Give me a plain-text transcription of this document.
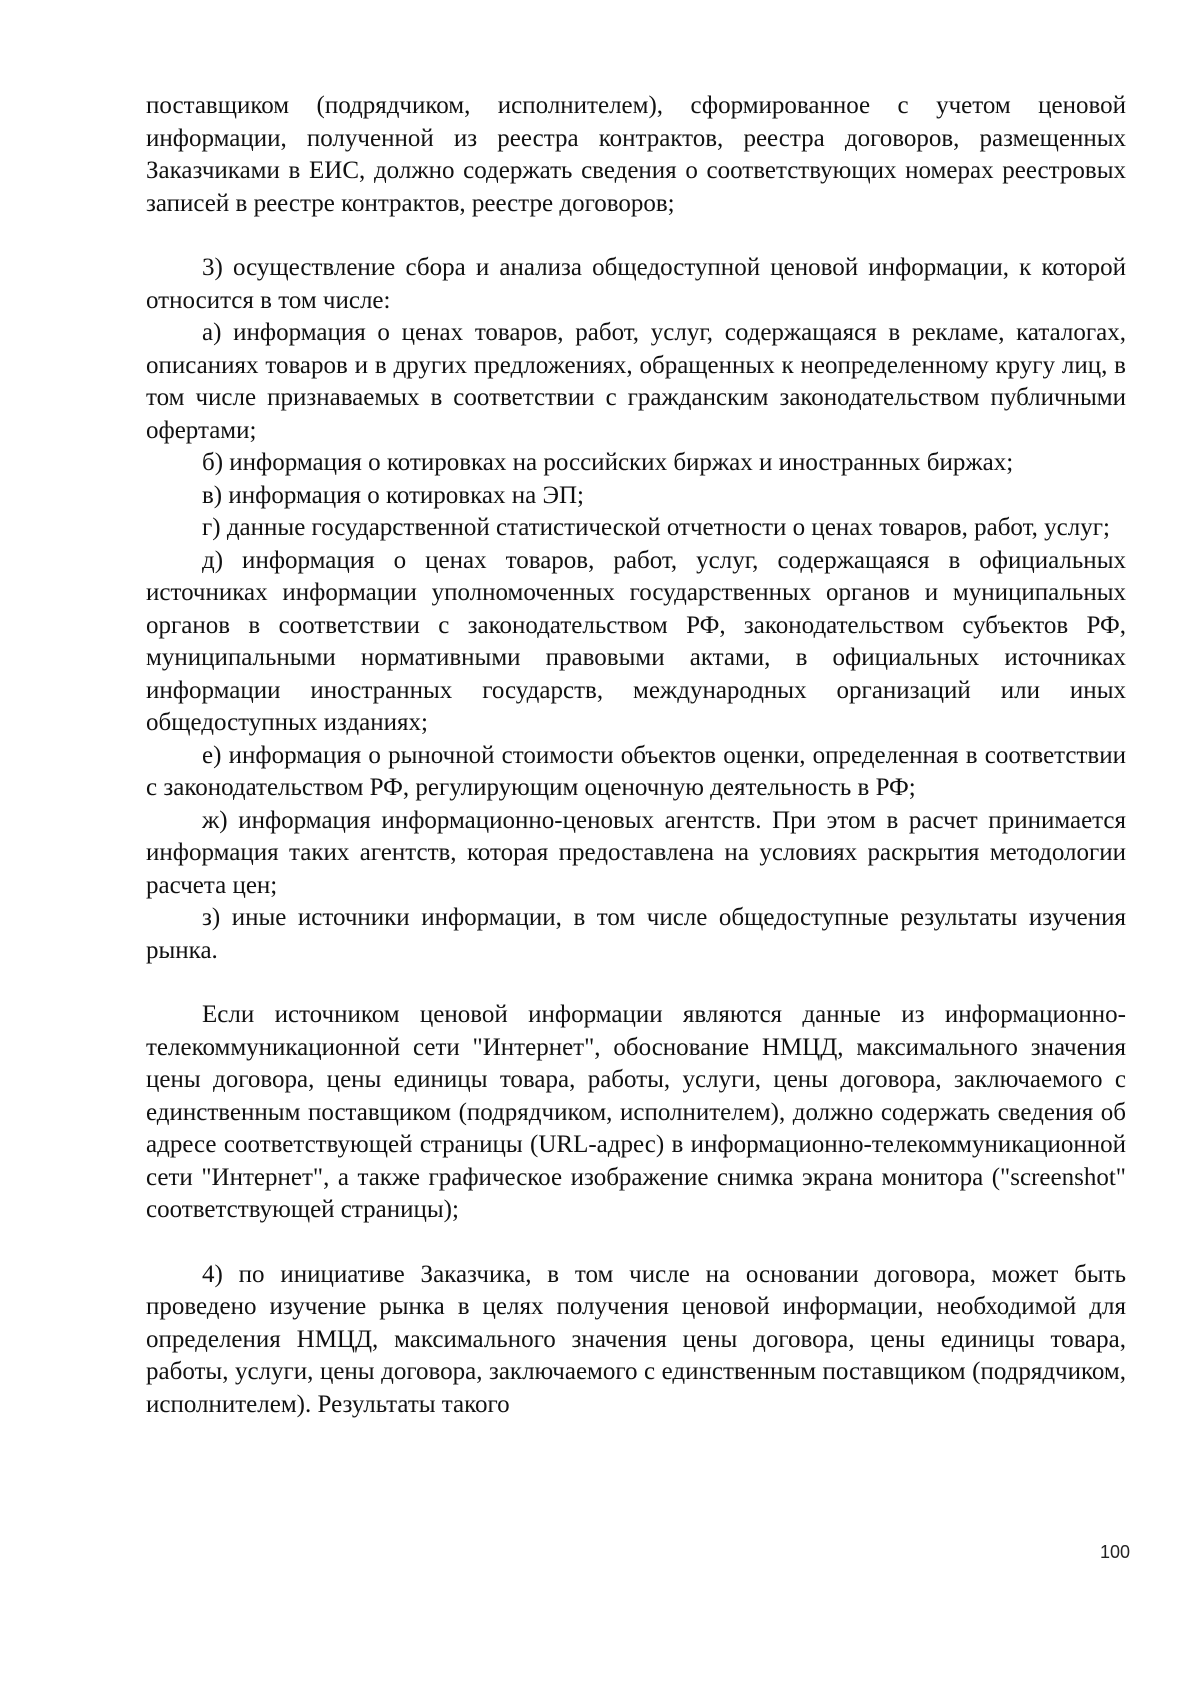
поставщиком (подрядчиком, исполнителем), сформированное с учетом ценовой информации, полученной из реестра контрактов, реестра договоров, размещенных Заказчиками в ЕИС, должно содержать сведения о соответствующих номерах реестровых записей в реестре контрактов, реестре договоров;

3) осуществление сбора и анализа общедоступной ценовой информации, к которой относится в том числе:

а) информация о ценах товаров, работ, услуг, содержащаяся в рекламе, каталогах, описаниях товаров и в других предложениях, обращенных к неопределенному кругу лиц, в том числе признаваемых в соответствии с гражданским законодательством публичными офертами;

б) информация о котировках на российских биржах и иностранных биржах;

в) информация о котировках на ЭП;

г) данные государственной статистической отчетности о ценах товаров, работ, услуг;

д) информация о ценах товаров, работ, услуг, содержащаяся в официальных источниках информации уполномоченных государственных органов и муниципальных органов в соответствии с законодательством РФ, законодательством субъектов РФ, муниципальными нормативными правовыми актами, в официальных источниках информации иностранных государств, международных организаций или иных общедоступных изданиях;

е) информация о рыночной стоимости объектов оценки, определенная в соответствии с законодательством РФ, регулирующим оценочную деятельность в РФ;

ж) информация информационно-ценовых агентств. При этом в расчет принимается информация таких агентств, которая предоставлена на условиях раскрытия методологии расчета цен;

з) иные источники информации, в том числе общедоступные результаты изучения рынка.

Если источником ценовой информации являются данные из информационно-телекоммуникационной сети "Интернет", обоснование НМЦД, максимального значения цены договора, цены единицы товара, работы, услуги, цены договора, заключаемого с единственным поставщиком (подрядчиком, исполнителем), должно содержать сведения об адресе соответствующей страницы (URL-адрес) в информационно-телекоммуникационной сети "Интернет", а также графическое изображение снимка экрана монитора ("screenshot" соответствующей страницы);

4) по инициативе Заказчика, в том числе на основании договора, может быть проведено изучение рынка в целях получения ценовой информации, необходимой для определения НМЦД, максимального значения цены договора, цены единицы товара, работы, услуги, цены договора, заключаемого с единственным поставщиком (подрядчиком, исполнителем). Результаты такого

100
